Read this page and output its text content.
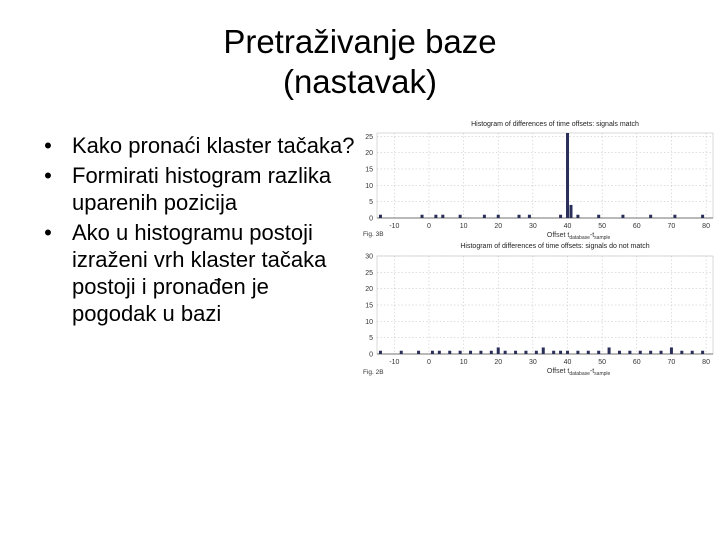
Pretraživanje baze
(nastavak)
• Kako pronaći klaster tačaka?
• Formirati histogram razlika uparenih pozicija
• Ako u histogramu postoji izraženi vrh klaster tačaka postoji i pronađen je pogodak u bazi
Histogram of differences of time offsets: signals match
0
5
10
15
20
25
-10	0	10	20	30	40	50	60	70	80
Offset $t_{database}-t_{sample}$
Fig. 3B
Histogram of differences of time offsets: signals do not match
0
5
10
15
20
25
30
-10	0	10	20	30	40	50	60	70	80
Offset $t_{database}-t_{sample}$
Fig. 2B
